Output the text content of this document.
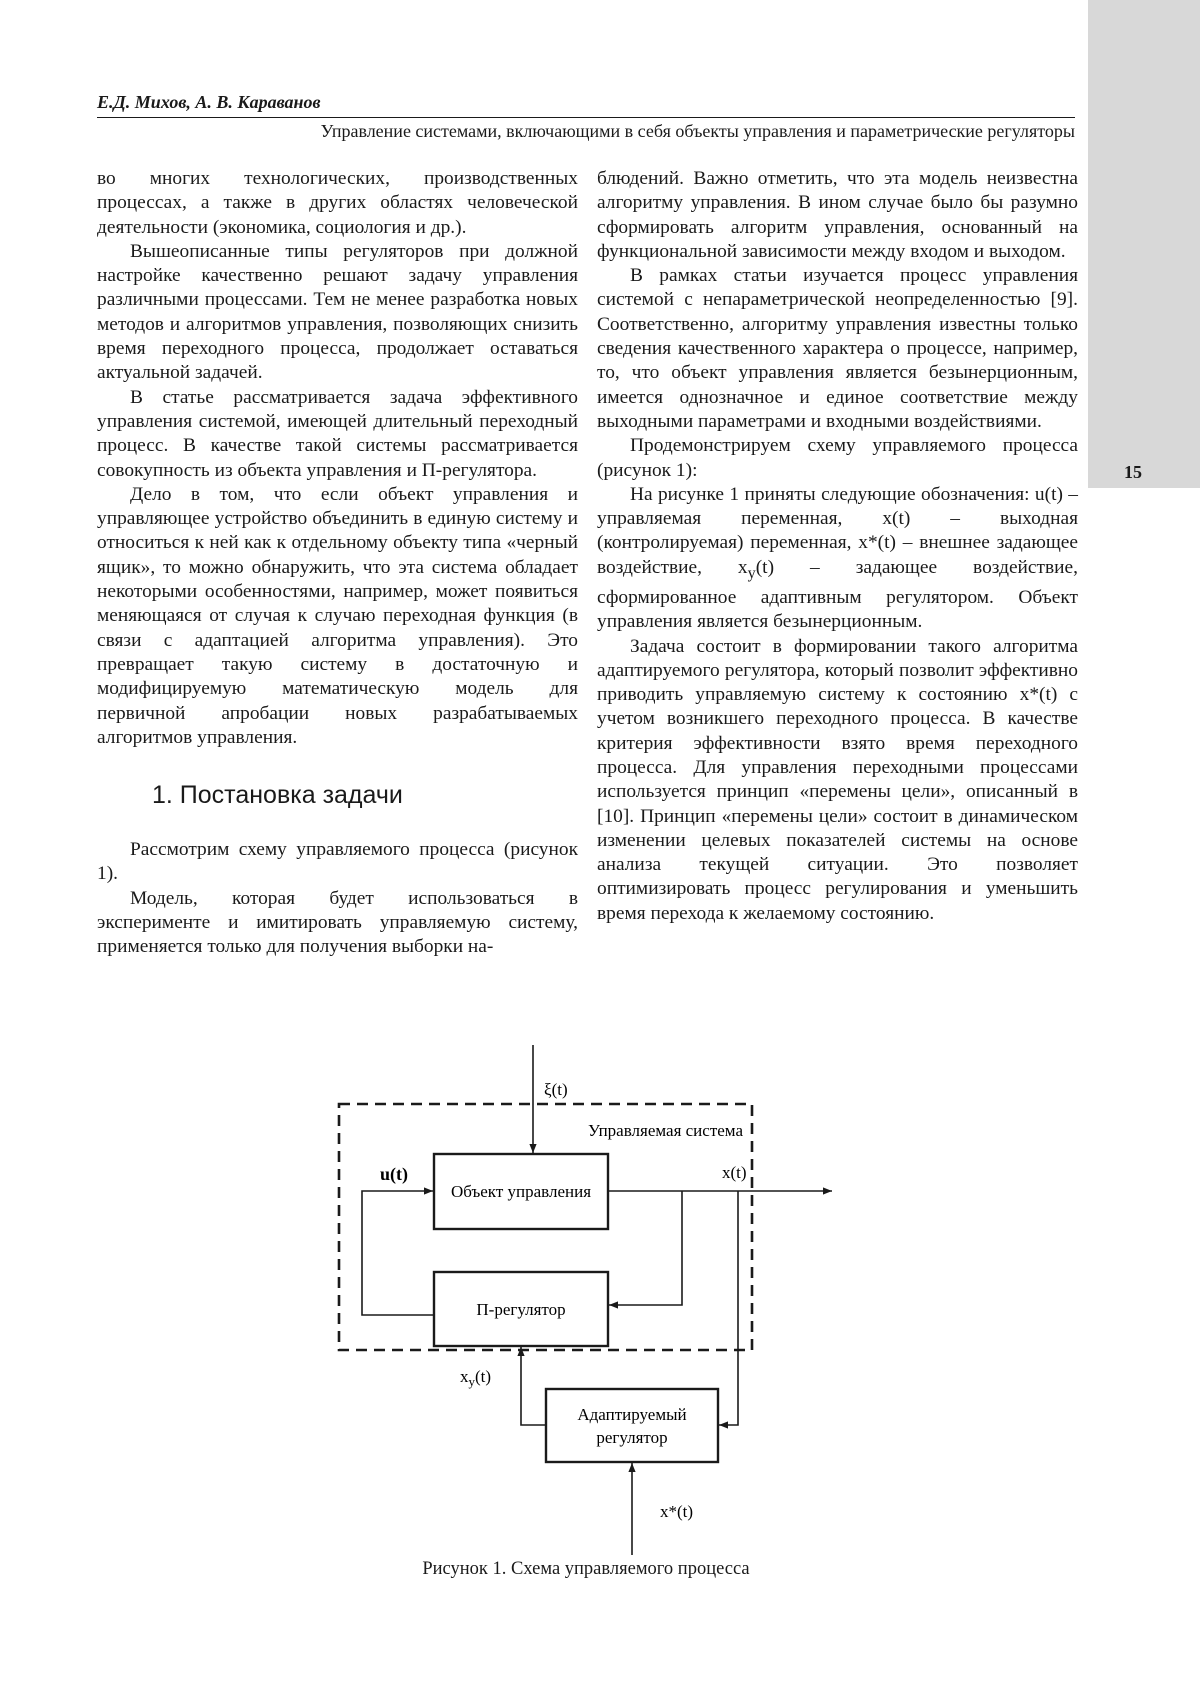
15
Е.Д. Михов, А. В. Караванов
Управление системами, включающими в себя объекты управления и параметрические регуляторы

во многих технологических, производственных процессах, а также в других областях человеческой деятельности (экономика, социология и др.).

Вышеописанные типы регуляторов при должной настройке качественно решают задачу управления различными процессами. Тем не менее разработка новых методов и алгоритмов управления, позволяющих снизить время переходного процесса, продолжает оставаться актуальной задачей.

В статье рассматривается задача эффективного управления системой, имеющей длительный переходный процесс. В качестве такой системы рассматривается совокупность из объекта управления и П-регулятора.

Дело в том, что если объект управления и управляющее устройство объединить в единую систему и относиться к ней как к отдельному объекту типа «черный ящик», то можно обнаружить, что эта система обладает некоторыми особенностями, например, может появиться меняющаяся от случая к случаю переходная функция (в связи с адаптацией алгоритма управления). Это превращает такую систему в достаточную и модифицируемую математическую модель для первичной апробации новых разрабатываемых алгоритмов управления.

1. Постановка задачи

Рассмотрим схему управляемого процесса (рисунок 1).

Модель, которая будет использоваться в эксперименте и имитировать управляемую систему, применяется только для получения выборки на-

блюдений. Важно отметить, что эта модель неизвестна алгоритму управления. В ином случае было бы разумно сформировать алгоритм управления, основанный на функциональной зависимости между входом и выходом.

В рамках статьи изучается процесс управления системой с непараметрической неопределенностью [9]. Соответственно, алгоритму управления известны только сведения качественного характера о процессе, например, то, что объект управления является безынерционным, имеется однозначное и единое соответствие между выходными параметрами и входными воздействиями.

Продемонстрируем схему управляемого процесса (рисунок 1):

На рисунке 1 приняты следующие обозначения: u(t) – управляемая переменная, x(t) – выходная (контролируемая) переменная, x*(t) – внешнее задающее воздействие, $x_y(t)$ – задающее воздействие, сформированное адаптивным регулятором. Объект управления является безынерционным.

Задача состоит в формировании такого алгоритма адаптируемого регулятора, который позволит эффективно приводить управляемую систему к состоянию x*(t) с учетом возникшего переходного процесса. В качестве критерия эффективности взято время переходного процесса. Для управления переходными процессами используется принцип «перемены цели», описанный в [10]. Принцип «перемены цели» состоит в динамическом изменении целевых показателей системы на основе анализа текущей ситуации. Это позволяет оптимизировать процесс регулирования и уменьшить время перехода к желаемому состоянию.

Управляемая система
Объект управления
П-регулятор
Адаптируемый
регулятор
ξ(t)
x(t)
u(t)
$x_y(t)$
x*(t)
Рисунок 1. Схема управляемого процесса
